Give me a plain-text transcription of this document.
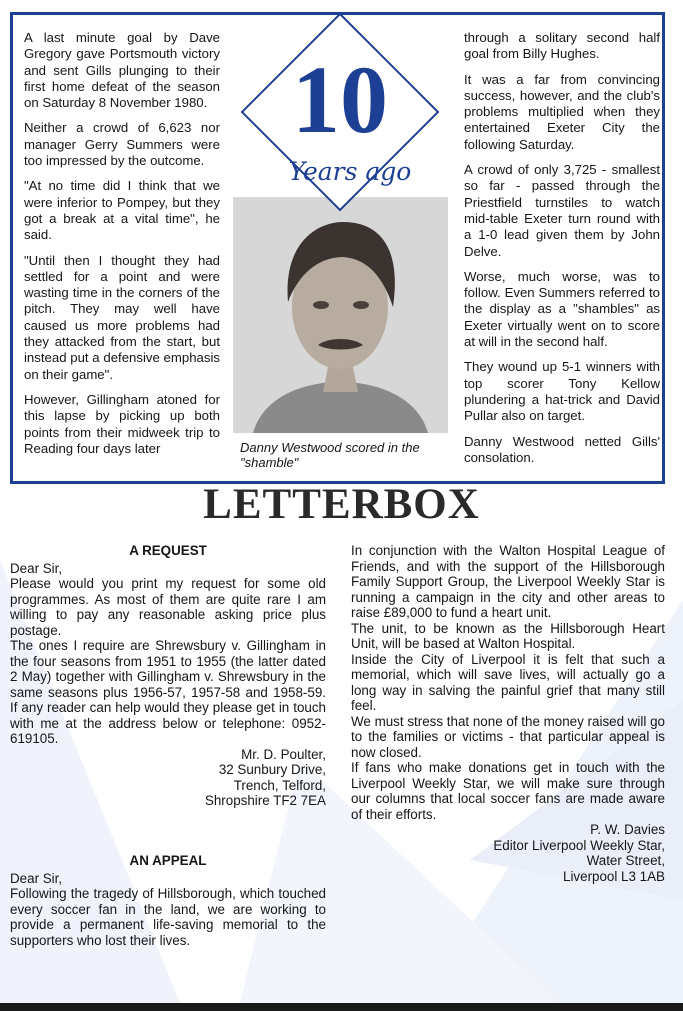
A last minute goal by Dave Gregory gave Portsmouth victory and sent Gills plunging to their first home defeat of the season on Saturday 8 November 1980.

Neither a crowd of 6,623 nor manager Gerry Summers were too impressed by the outcome.

"At no time did I think that we were inferior to Pompey, but they got a break at a vital time", he said.

"Until then I thought they had settled for a point and were wasting time in the corners of the pitch. They may well have caused us more problems had they attacked from the start, but instead put a defensive emphasis on their game".

However, Gillingham atoned for this lapse by picking up both points from their midweek trip to Reading four days later

10
Years ago
Danny Westwood scored in the "shamble"

through a solitary second half goal from Billy Hughes.

It was a far from convincing success, however, and the club's problems multiplied when they entertained Exeter City the following Saturday.

A crowd of only 3,725 - smallest so far - passed through the Priestfield turnstiles to watch mid-table Exeter turn round with a 1-0 lead given them by John Delve.

Worse, much worse, was to follow. Even Summers referred to the display as a "shambles" as Exeter virtually went on to score at will in the second half.

They wound up 5-1 winners with top scorer Tony Kellow plundering a hat-trick and David Pullar also on target.

Danny Westwood netted Gills' consolation.

LETTERBOX
A REQUEST
Dear Sir,
Please would you print my request for some old programmes. As most of them are quite rare I am willing to pay any reasonable asking price plus postage.
The ones I require are Shrewsbury v. Gillingham in the four seasons from 1951 to 1955 (the latter dated 2 May) together with Gillingham v. Shrewsbury in the same seasons plus 1956-57, 1957-58 and 1958-59. If any reader can help would they please get in touch with me at the address below or telephone: 0952-619105.
Mr. D. Poulter,
32 Sunbury Drive,
Trench, Telford,
Shropshire TF2 7EA
AN APPEAL
Dear Sir,
Following the tragedy of Hillsborough, which touched every soccer fan in the land, we are working to provide a permanent life-saving memorial to the supporters who lost their lives.
In conjunction with the Walton Hospital League of Friends, and with the support of the Hillsborough Family Support Group, the Liverpool Weekly Star is running a campaign in the city and other areas to raise £89,000 to fund a heart unit.
The unit, to be known as the Hillsborough Heart Unit, will be based at Walton Hospital.
Inside the City of Liverpool it is felt that such a memorial, which will save lives, will actually go a long way in salving the painful grief that many still feel.
We must stress that none of the money raised will go to the families or victims - that particular appeal is now closed.
If fans who make donations get in touch with the Liverpool Weekly Star, we will make sure through our columns that local soccer fans are made aware of their efforts.
P. W. Davies
Editor Liverpool Weekly Star,
Water Street,
Liverpool L3 1AB
